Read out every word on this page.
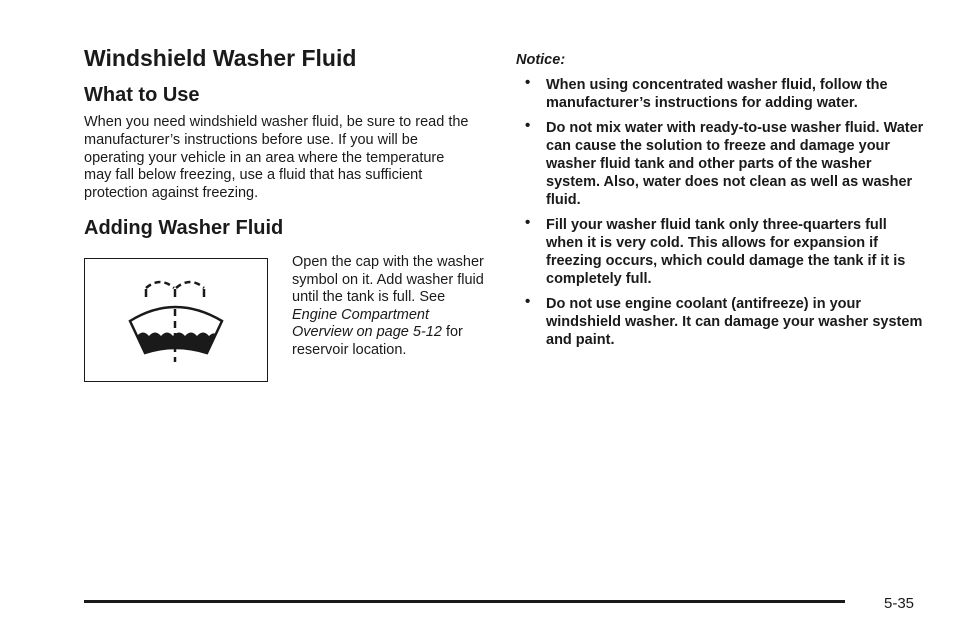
Windshield Washer Fluid
What to Use

When you need windshield washer fluid, be sure to read the manufacturer’s instructions before use. If you will be operating your vehicle in an area where the temperature may fall below freezing, use a fluid that has sufficient protection against freezing.

Adding Washer Fluid
Open the cap with the washer symbol on it. Add washer fluid until the tank is full. See Engine Compartment Overview on page 5-12 for reservoir location.

Notice:

• When using concentrated washer fluid, follow the manufacturer’s instructions for adding water.
• Do not mix water with ready-to-use washer fluid. Water can cause the solution to freeze and damage your washer fluid tank and other parts of the washer system. Also, water does not clean as well as washer fluid.
• Fill your washer fluid tank only three-quarters full when it is very cold. This allows for expansion if freezing occurs, which could damage the tank if it is completely full.
• Do not use engine coolant (antifreeze) in your windshield washer. It can damage your washer system and paint.
5-35
